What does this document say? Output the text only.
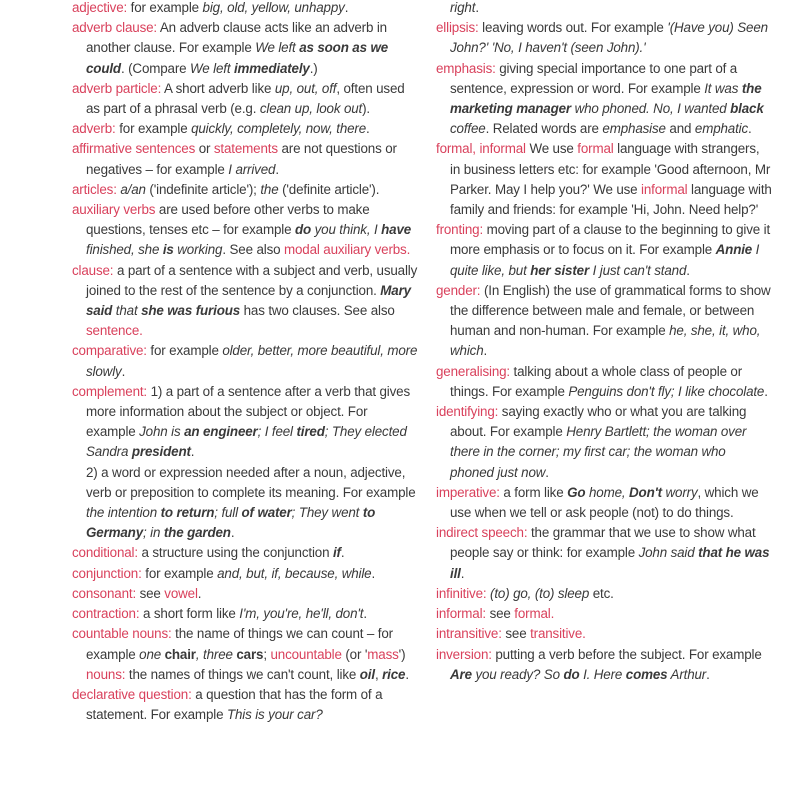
adjective: for example big, old, yellow, unhappy.

adverb clause: An adverb clause acts like an adverb in another clause. For example We left as soon as we could. (Compare We left immediately.)

adverb particle: A short adverb like up, out, off, often used as part of a phrasal verb (e.g. clean up, look out).

adverb: for example quickly, completely, now, there.

affirmative sentences or statements are not questions or negatives – for example I arrived.

articles: a/an ('indefinite article'); the ('definite article').

auxiliary verbs are used before other verbs to make questions, tenses etc – for example do you think, I have finished, she is working. See also modal auxiliary verbs.

clause: a part of a sentence with a subject and verb, usually joined to the rest of the sentence by a conjunction. Mary said that she was furious has two clauses. See also sentence.

comparative: for example older, better, more beautiful, more slowly.

complement: 1) a part of a sentence after a verb that gives more information about the subject or object. For example John is an engineer; I feel tired; They elected Sandra president.

2) a word or expression needed after a noun, adjective, verb or preposition to complete its meaning. For example the intention to return; full of water; They went to Germany; in the garden.

conditional: a structure using the conjunction if.

conjunction: for example and, but, if, because, while.

consonant: see vowel.

contraction: a short form like I'm, you're, he'll, don't.

countable nouns: the name of things we can count – for example one chair, three cars; uncountable (or 'mass') nouns: the names of things we can't count, like oil, rice.

declarative question: a question that has the form of a statement. For example This is your car?

right.

ellipsis: leaving words out. For example '(Have you) Seen John?' 'No, I haven't (seen John).'

emphasis: giving special importance to one part of a sentence, expression or word. For example It was the marketing manager who phoned. No, I wanted black coffee. Related words are emphasise and emphatic.

formal, informal We use formal language with strangers, in business letters etc: for example 'Good afternoon, Mr Parker. May I help you?' We use informal language with family and friends: for example 'Hi, John. Need help?'

fronting: moving part of a clause to the beginning to give it more emphasis or to focus on it. For example Annie I quite like, but her sister I just can't stand.

gender: (In English) the use of grammatical forms to show the difference between male and female, or between human and non-human. For example he, she, it, who, which.

generalising: talking about a whole class of people or things. For example Penguins don't fly; I like chocolate.

identifying: saying exactly who or what you are talking about. For example Henry Bartlett; the woman over there in the corner; my first car; the woman who phoned just now.

imperative: a form like Go home, Don't worry, which we use when we tell or ask people (not) to do things.

indirect speech: the grammar that we use to show what people say or think: for example John said that he was ill.

infinitive: (to) go, (to) sleep etc.

informal: see formal.

intransitive: see transitive.

inversion: putting a verb before the subject. For example Are you ready? So do I. Here comes Arthur.
